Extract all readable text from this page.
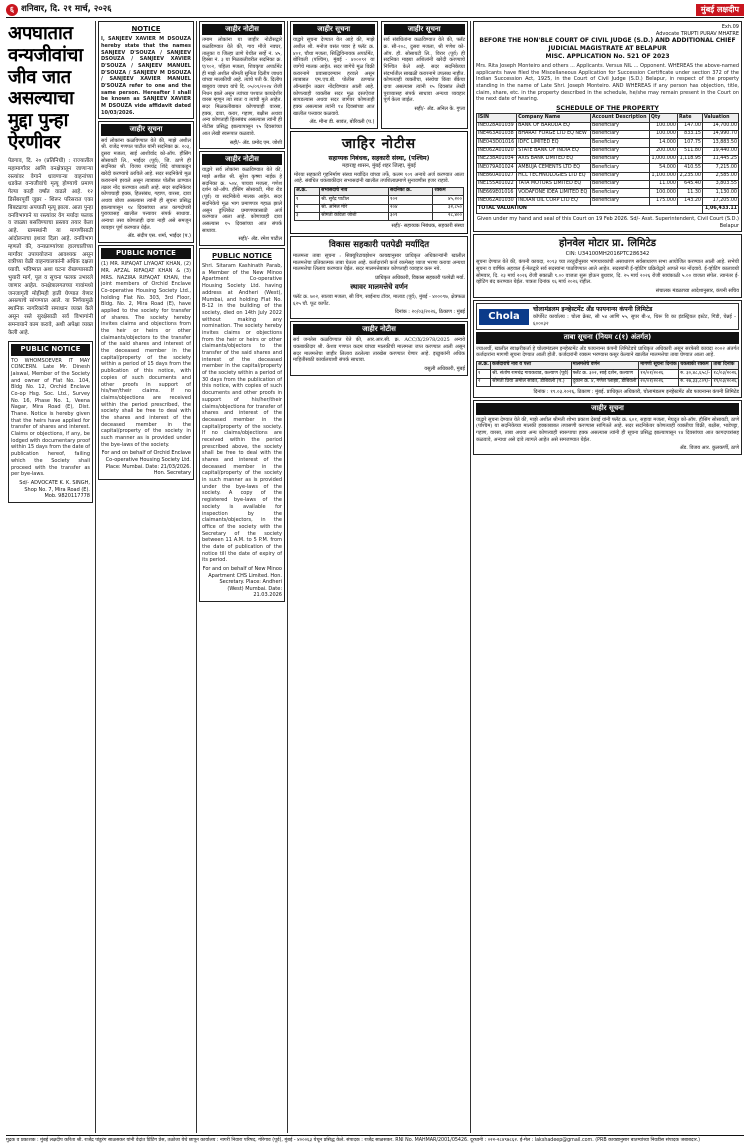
६ शनिवार, दि. २१ मार्च, २०२६	मुंबई लक्षदीप
अपघातात वन्यजीवांचा जीव जात असल्याचा मुद्दा पुन्हा ऐरणीवर
पेडगाव, दि. २० (प्रतिनिधी) : राज्यातील महामार्गांवर आणि वनक्षेत्रातून जाणाऱ्या रस्त्यांवर वेगाने धावणाऱ्या वाहनांच्या धडकेत वन्यजीवांचे मृत्यू होण्याचे प्रमाण गेल्या काही वर्षांत वाढले आहे. १२ डिसेंबरपूर्वी जुन्नर - शिरूर परिसरात एका बिबट्याचा अपघाती मृत्यू झाला. आता पुन्हा वनविभागाने या रस्त्यांवर वेग मर्यादा फलक व जाळ्या बसविण्याचा प्रस्ताव तयार केला आहे. ग्रामस्थांनी या मागणीसाठी आंदोलनाचा इशारा दिला आहे. वनविभाग म्हणतो की, वन्यप्राण्यांच्या हालचालीच्या मार्गांवर उपाययोजना आवश्यक असून रात्रीच्या वेळी वाहनचालकांनी अधिक दक्षता घ्यावी. भविष्यात अशा घटना रोखण्यासाठी भुयारी मार्ग, पूल व सूचना फलक उभारले जाणार आहेत. वनक्षेत्रालगतच्या गावांमध्ये जनजागृती मोहीमही हाती घेण्यात येणार असल्याचे सांगण्यात आले. या निर्णयामुळे स्थानिक नागरिकांनी समाधान व्यक्त केले असून रस्ते सुरक्षेसाठी सर्व विभागांनी समन्वयाने काम करावे, अशी अपेक्षा व्यक्त केली आहे.
PUBLIC NOTICE
TO WHOMSOEVER IT MAY CONCERN. Late Mr. Dinesh Jaiswal, Member of the Society and owner of Flat No. 104, Bldg No. 12, Orchid Enclave Co-op Hsg. Soc. Ltd., Survey No. 16, Phase No. 1, Veena Nagar, Mira Road (E), Dist. Thane. Notice is hereby given that the heirs have applied for transfer of shares and interest. Claims or objections, if any, be lodged with documentary proof within 15 days from the date of publication hereof, failing which the Society shall proceed with the transfer as per bye-laws.
Sd/- ADVOCATE K. K. SINGH, Shop No. 7, Mira Road (E). Mob. 9820117778
NOTICE
I, SANJEEV XAVIER M DSOUZA hereby state that the names SANJEEV D'SOUZA / SANJEEV DSOUZA / SANJEEV XAVIER D'SOUZA / SANJEEV MANUEL D'SOUZA / SANJEEV M DSOUZA / SANJEEV XAVIER MANUEL D'SOUZA refer to one and the same person. Hereafter I shall be known as SANJEEV XAVIER M DSOUZA vide affidavit dated 10/03/2026.
जाहीर सूचना
सर्व लोकांना कळविण्यात येते की, माझे अशील श्री. राजेंद्र गणपत पाटील यांनी सदनिका क्र. २०३, दुसरा मजला, साई आशीर्वाद को-ऑप. हौसिंग सोसायटी लि., भाईंदर (पूर्व), जि. ठाणे ही सदनिका श्री. विजय रामचंद्र शिंदे यांच्याकडून खरेदी करण्याचे ठरविले आहे. सदर सदनिकेचे मूळ करारनामे हरवले असून त्याबाबत पोलीस ठाण्यात तक्रार नोंद करण्यात आली आहे. सदर सदनिकेवर कोणाचाही हक्क, हितसंबंध, गहाण, वारसा, दावा अथवा बोजा असल्यास त्यांनी ही सूचना प्रसिद्ध झाल्यापासून १४ दिवसांच्या आत कागदोपत्री पुराव्यासह खालील पत्त्यावर संपर्क साधावा. अन्यथा तसा कोणताही दावा नाही असे समजून व्यवहार पूर्ण करण्यात येईल.
ॲड. संदीप एस. शर्मा, भाईंदर (प.)
PUBLIC NOTICE
(1) MR. RIFAQAT LIYAQAT KHAN, (2) MR. AFZAL RIFAQAT KHAN & (3) MRS. NAZIRA RIFAQAT KHAN, the joint members of Orchid Enclave Co-operative Housing Society Ltd., holding Flat No. 303, 3rd Floor, Bldg. No. 2, Mira Road (E), have applied to the society for transfer of shares. The society hereby invites claims and objections from the heir or heirs or other claimants/objectors to the transfer of the said shares and interest of the deceased member in the capital/property of the society within a period of 15 days from the publication of this notice, with copies of such documents and other proofs in support of his/her/their claims. If no claims/objections are received within the period prescribed, the society shall be free to deal with the shares and interest of the deceased member in the capital/property of the society in such manner as is provided under the bye-laws of the society.
For and on behalf of Orchid Enclave Co-operative Housing Society Ltd. Place: Mumbai. Date: 21/03/2026. Hon. Secretary
जाहीर नोटीस
तमाम लोकांना या जाहीर नोटीसद्वारे कळविण्यात येते की, गाव मौजे नवघर, तालुका व जिल्हा ठाणे येथील सर्व्हे नं. ४५, हिस्सा नं. ३ या मिळकतीवरील सदनिका क्र. ए/१०२, पहिला मजला, शिवकृपा अपार्टमेंट ही माझे अशील श्रीमती सुनिता दिलीप जाधव यांच्या मालकीची आहे. त्यांचे पती कै. दिलीप बाबूराव जाधव यांचे दि. ०५/०१/२०२४ रोजी निधन झाले असून त्यांच्या पश्चात कायदेशीर वारस म्हणून त्या स्वतः व त्यांची मुले आहेत. सदर मिळकतीबाबत कोणाचाही वारसा, हक्क, दावा, करार, गहाण, बक्षीस अथवा अन्य कोणताही हितसंबंध असल्यास त्यांनी ही नोटीस प्रसिद्ध झाल्यापासून १५ दिवसांच्या आत लेखी स्वरूपात कळवावे.
सही/- ॲड. प्रमोद एम. जोशी
जाहीर नोटीस
याद्वारे सर्व लोकांना कळविण्यात येते की, माझे अशील श्री. सुरेश कृष्णा नाईक हे सदनिका क्र. ५०४, पाचवा मजला, गणेश दर्शन को-ऑप. हौसिंग सोसायटी, मीरा रोड (पूर्व) या सदनिकेचे मालक आहेत. सदर सदनिकेचे मूळ भाग प्रमाणपत्र गहाळ झाले असून डुप्लिकेट प्रमाणपत्रासाठी अर्ज करण्यात आला आहे. कोणाचाही दावा असल्यास १५ दिवसांच्या आत संपर्क साधावा.
सही/- ॲड. रमेश पाटील
PUBLIC NOTICE
Shri. Sitaram Kashinath Parab, a Member of the New Minoo Apartment Co-operative Housing Society Ltd. having address at Andheri (West), Mumbai, and holding Flat No. B-12 in the building of the society, died on 14th July 2022 without making any nomination. The society hereby invites claims or objections from the heir or heirs or other claimants/objectors to the transfer of the said shares and interest of the deceased member in the capital/property of the society within a period of 30 days from the publication of this notice, with copies of such documents and other proofs in support of his/her/their claims/objections for transfer of shares and interest of the deceased member in the capital/property of the society. If no claims/objections are received within the period prescribed above, the society shall be free to deal with the shares and interest of the deceased member in the capital/property of the society in such manner as is provided under the bye-laws of the society. A copy of the registered bye-laws of the society is available for inspection by the claimants/objectors, in the office of the society with the Secretary of the society between 11 A.M. to 5 P.M. from the date of publication of the notice till the date of expiry of its period.
For and on behalf of New Minoo Apartment CHS Limited. Hon. Secretary. Place: Andheri (West) Mumbai. Date: 21.03.2026
जाहीर सूचना
याद्वारे सूचना देण्यात येत आहे की, माझे अशील श्री. मनोज वसंत पवार हे फ्लॅट क्र. ४०१, चौथा मजला, सिद्धिविनायक अपार्टमेंट, बोरिवली (पश्चिम), मुंबई - ४०००९२ या जागेचे मालक आहेत. सदर जागेचे मूळ विक्री करारनामे प्रवासादरम्यान हरवले असून त्याबाबत एम.एच.बी. पोलीस ठाण्यात ऑनलाईन तक्रार नोंदविण्यात आली आहे. कोणत्याही व्यक्तीस सदर मूळ दस्तऐवज सापडल्यास अथवा सदर जागेवर कोणताही हक्क असल्यास त्यांनी १४ दिवसांच्या आत खालील पत्त्यावर कळवावे.
ॲड. मीना डी. सावंत, बोरिवली (प.)
जाहीर सूचना
सर्व संबंधितांना कळविण्यात येते की, फ्लॅट क्र. सी-२०८, दुसरा मजला, श्री गणेश को-ऑप. हौ. सोसायटी लि., विरार (पूर्व) ही सदनिका माझ्या अशिलांनी खरेदी करण्याचे निश्चित केले आहे. सदर सदनिकेच्या संदर्भातील साखळी करारनामे उपलब्ध नाहीत. कोणत्याही व्यक्तीचा, संस्थेचा किंवा बँकेचा दावा असल्यास त्यांनी १५ दिवसांत लेखी पुराव्यासह संपर्क साधावा अन्यथा व्यवहार पूर्ण केला जाईल.
सही/- ॲड. अनिल के. गुप्ता
जाहिर नोटीस
सहाय्यक निबंधक, सहकारी संस्था, (पश्चिम)
महाराष्ट्र शासन, मुंबई शहर जिल्हा, मुंबई
मोरया सहकारी गृहनिर्माण संस्था मर्यादित यांच्या तर्फे, कलम १०१ अन्वये अर्ज करण्यात आला आहे. संबंधित थकबाकीदार सभासदांनी खालील तपशिलाप्रमाणे सुनावणीस हजर राहावे.
अ.क्र.	सभासदाचे नाव	सदनिका क्र.	रक्कम
१	श्री. सुरेंद्र पाटील	१०२	४५,२००
२	श्री. अनिल मोरे	२०४	३२,८५०
३	श्रीमती कविता जोशी	३०१	२८,४००
सही/- सहाय्यक निबंधक, सहकारी संस्था
विकास सहकारी पतपेढी मर्यादित
मालमत्ता ताबा सूचना : सिक्युरिटायझेशन कायद्यानुसार प्राधिकृत अधिकाऱ्यांनी खालील मालमत्तेचा प्रतिकात्मक ताबा घेतला आहे. कर्जदारांनी कर्ज रकमेसह व्याज भरणा करावा अन्यथा मालमत्तेचा लिलाव करण्यात येईल. सदर मालमत्तेबाबत कोणताही व्यवहार करू नये.
प्राधिकृत अधिकारी, विकास सहकारी पतपेढी मर्या.
स्थावर मालमत्तेचे वर्णन
फ्लॅट क्र. ७०२, सातवा मजला, सी विंग, साईनाथ टॉवर, मालाड (पूर्व), मुंबई - ४०००९७, क्षेत्रफळ ६२५ चौ. फूट कार्पेट.
दिनांक : २०/०३/२०२६, ठिकाण : मुंबई
जाहीर नोटीस
सर्व जनतेस कळविण्यात येते की, आर.आर.सी. क्र. ACC/X/2978/2025 अन्वये थकबाकीदार श्री. केशव गणपत कदम यांच्या मालकीची मालमत्ता जप्त करण्यात आली असून सदर मालमत्तेचा जाहीर लिलाव ठरलेल्या तारखेस करण्यात येणार आहे. इच्छुकांनी अधिक माहितीसाठी कार्यालयाशी संपर्क साधावा.
वसुली अधिकारी, मुंबई
Exh.09
Advocate TRUPTI PURAV MHATRE
BEFORE THE HON'BLE COURT OF CIVIL JUDGE (S.D.) AND ADDITIONAL CHIEF JUDICIAL MAGISTRATE AT BELAPUR
MISC. APPLICATION No. 521 OF 2023
Mrs. Rita Joseph Monteiro and others ... Applicants. Versus NIL ... Opponent. WHEREAS the above-named applicants have filed the Miscellaneous Application for Succession Certificate under section 372 of the Indian Succession Act, 1925, in the Court of Civil Judge (S.D.) Belapur, in respect of the property standing in the name of Late Shri. Joseph Monteiro. AND WHEREAS if any person has objection, title, claim, share, etc. in the property described in the schedule, he/she may remain present in the Court on the next date of hearing.
SCHEDULE OF THE PROPERTY
ISIN	Company Name	Account Description	Qty	Rate	Valuation
INE028A01039	BANK OF BARODA EQ	Beneficiary	100.000	147.00	14,700.00
INE463A01038	BHARAT FORGE LTD EQ NEW	Beneficiary	100.000	833.15	14,990.70
INE043D01016	IDFC LIMITED EQ	Beneficiary	14.000	107.75	13,883.50
INE062A01020	STATE BANK OF INDIA EQ	Beneficiary	200.000	511.80	19,440.00
INE238A01034	AXIS BANK LIMITED EQ	Beneficiary	1,000.000	1,118.95	11,445.25
INE079A01024	AMBUJA CEMENTS LTD EQ	Beneficiary	54.000	410.55	7,215.00
INE860A01027	HCL TECHNOLOGIES LTD EQ	Beneficiary	1,100.000	2,235.00	2,585.00
INE155A01022	TATA MOTORS LIMITED EQ	Beneficiary	11.000	645.40	3,803.55
INE669E01016	VODAFONE IDEA LIMITED EQ	Beneficiary	100.000	11.30	1,130.00
INE062A01030	INDIAN OIL CORP LTD EQ	Beneficiary	175.000	143.20	17,205.00
TOTAL VALUATION					1,06,433.11
Given under my hand and seal of this Court on 19 Feb 2026. Sd/- Asst. Superintendent, Civil Court (S.D.) Belapur
होनवेल मोटार प्रा. लिमिटेड
CIN: U34100MH2016PTC286342
सूचना देण्यात येते की, कंपनी कायदा, २०१३ च्या तरतुदीनुसार भागधारकांची असाधारण सर्वसाधारण सभा आयोजित करण्यात आली आहे. सभेची सूचना व वार्षिक अहवाल ई-मेलद्वारे सर्व सदस्यांना पाठविण्यात आले आहेत. सदस्यांनी ई-व्होटिंग प्रक्रियेद्वारे आपले मत नोंदवावे. ई-व्होटिंग कालावधी सोमवार, दि. २३ मार्च २०२६ रोजी सकाळी ९.०० वाजता सुरू होऊन बुधवार, दि. २५ मार्च २०२६ रोजी सायंकाळी ५.०० वाजता संपेल. त्यानंतर ई-व्होटिंग बंद करण्यात येईल. पात्रता दिनांक १६ मार्च २०२६ राहील.
संचालक मंडळाच्या आदेशानुसार, कंपनी सचिव
Chola
चोलामंडलम इन्व्हेस्टमेंट अँड फायनान्स कंपनी लिमिटेड
कॉर्पोरेट कार्यालय : चोला क्रेस्ट, सी ५४ आणि ५५, सुपर बी-४, थिरू वि का इंडस्ट्रियल इस्टेट, गिंडी, चेन्नई - ६०००३२
ताबा सूचना (नियम ८(१) अंतर्गत)
ज्याअर्थी, खालील स्वाक्षरीकर्ता हे चोलामंडलम इन्व्हेस्टमेंट अँड फायनान्स कंपनी लिमिटेडचे प्राधिकृत अधिकारी असून सरफेसी कायदा २००२ अंतर्गत कर्जदारांना मागणी सूचना देण्यात आली होती. कर्जदारांनी रक्कम भरण्यास कसूर केल्याने खालील मालमत्तेचा ताबा घेण्यात आला आहे.
अ.क्र.	कर्जदाराचे नाव व पत्ता	मालमत्तेचे वर्णन	मागणी सूचना दिनांक	थकबाकी रक्कम	ताबा दिनांक
१	श्री. संतोष रामचंद्र गायकवाड, कल्याण (पूर्व)	फ्लॅट क्र. ३०२, साई दर्शन, कल्याण	१२/०१/२०२६	रु. ३०,४८,६५८/-	१८/०३/२०२६
२	श्रीमती प्रिया अमोल सावंत, डोंबिवली (प.)	दुकान क्र. ४, गणेश प्लाझा, डोंबिवली	२०/०१/२०२६	रु. २७,३३,८०९/-	१९/०३/२०२६
दिनांक : १९.०३.२०२६, ठिकाण : मुंबई. प्राधिकृत अधिकारी, चोलामंडलम इन्व्हेस्टमेंट अँड फायनान्स कंपनी लिमिटेड
जाहीर सूचना
याद्वारे सूचना देण्यात येते की, माझे अशील श्रीमती शोभा प्रकाश देसाई यांनी फ्लॅट क्र. ६०१, सहावा मजला, मेघदूत को-ऑप. हौसिंग सोसायटी, ठाणे (पश्चिम) या सदनिकेच्या मालकी हक्काबाबत तपासणी करण्यास सांगितले आहे. सदर सदनिकेवर कोणत्याही व्यक्तीचा विक्री, बक्षीस, भाडेपट्टा, गहाण, वारसा, ताबा अथवा अन्य कोणत्याही स्वरूपाचा हक्क असल्यास त्यांनी ही सूचना प्रसिद्ध झाल्यापासून १४ दिवसांच्या आत कागदपत्रांसह कळवावे, अन्यथा असे दावे त्यागले आहेत असे समजण्यात येईल.
ॲड. विजय आर. कुलकर्णी, ठाणे
मुद्रक व प्रकाशक : मुंबई लक्षदीप करिता श्री. राजेंद्र पांडुरंग साळसकर यांनी वेदांत प्रिंटिंग प्रेस, तळोजा येथे छापून कार्यालय : नागरी निवारा परिषद, गोरेगाव (पूर्व), मुंबई - ४०००६३ येथून प्रसिद्ध केले. संपादक : राजेंद्र साळसकर. RNI No. MAHMAR/2001/05426. दूरध्वनी : ०२२-२८४९७८६२. ई-मेल : lakshadeep@gmail.com. (PRB कायद्यानुसार बातम्यांच्या निवडीस संपादक जबाबदार.)
